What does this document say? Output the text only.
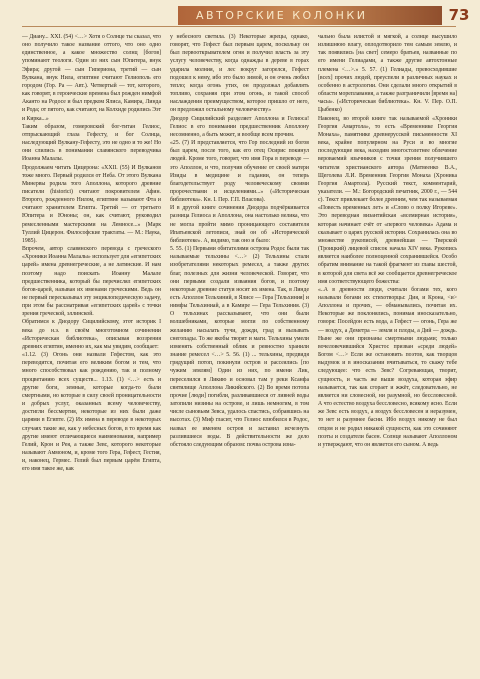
АВТОРСКИЕ КОЛОНКИ	73

— Диану... XXI. (54) <…> Хотя о Солнце ты сказал, что оно получило такое название оттого, что оно одно единственное, а какое множество солнц [богов] упоминают теологи. Один из них сын Юпитера, внук Эфира; другой — сын Гипериона, третий — сын Вулкана, внук Нила, египтяне считают Гелиополь его городом (Гор. Ра — Авт.). Четвертый — тот, которого, как говорят, в героические времена был рожден нимфой Аканто на Родосе и был предком Ялиса, Камира, Линда и Рода; от пятого, как считают, на Колхиде родились Ээт и Кирка...»

Таким образом, гомеровский бог-титан Гелиос, отпрыскающий глаза Гефесту, и бог Солнца, наследующий Вулкану-Гефесту, это не одно и то же! Но они слились в понимании славянского переводчика Иоанна Малалы.

Продолжаем читать Цицерона: «XXII. (55) И Вулканов тоже много. Первый родился от Неба. От этого Вулкана Минервы родила того Аполлона, которого древние писатели (historici) считают покровителем Афин. Второго, рожденного Нилом, египтяне называют Фта и считают хранителем Египта. Третий — от третьего Юпитера и Юноны; он, как считают, руководил ремесленными мастерскими на Лемносе...» (Марк Туллий Цицерон. Философские трактаты. — М.: Наука, 1985).

Впрочем, автор славянского перевода с греческого «Хроники Иоанна Малалы» использует для «египетских царей» имена древнегреческие, а не латинские. И нам поэтому надо поискать Иоанну Малале предшественника, который бы перечислял египетских богов-царей, называя их именами греческими. Ведь он не первый пересказывал эту энциклопедическую задачу, при этом бы рассматривая «египетских царей» с точки зрения греческой, эллинской.

Обратимся к Диодору Сицилийскому, этот историк I века до н.э. в своём многотомном сочинении «Историческая библиотека», описывая воззрения древних египтян, именно их, как мы увидим, сообщает:

«1.12. (3) Огонь они назвали Гефестом, как это переводится, почитая его великим богом и тем, что много способствовал как рождению, так и полному процветанию всех существ... 1.13. (1) <…> есть и другие боги, земные, которые когда-то были смертными, но которые в силу своей проницательности и добрых услуг, оказанных всему человечеству, достигли бессмертия, некоторые из них были даже царями в Египте. (2) Их имена в переводе в некоторых случаях такие же, как у небесных богов, в то время как другие имеют отличающиеся наименования, например Гелий, Крон и Рея, а также Зевс, которого некоторые называют Аммоном, и, кроме того Гера, Гефест, Гестия, и, наконец, Гермес. Гелий был первым царём Египта, его имя такое же, как

у небесного светила. (3) Некоторые жрецы, однако, говорят, что Гефест был первым царем, поскольку он был первооткрывателем огня и получил власть за эту услугу человечеству, когда однажды в дереве в горах ударила молния, и лес вокруг загорелся, Гефест подошел к нему, ибо это было зимой, и он очень любил тепло; когда огонь утих, он продолжал добавлять топливо, сохраняя при этом огонь, и такой способ наслаждения преимуществом, которое пришло от него, он предложил остальному человечеству»

Диодор Сицилийский разделяет Аполлона и Гелиоса! Гелиос в его понимании предшественник Аполлону несомненно, а быть может, и вообще всем прочим.

«25. (7) И представляется, что Гор последний из богов был царем, после того, как его отец Осирис покинул людей. Кроме того, говорят, что имя Гора в переводе — это Аполлон, и что, получив обучение от своей матери Изиды в медицине и гадании, он теперь благодетельствует роду человеческому своими пророчествами и исцелениями...» («Историческая библиотека». Кн. I. Пер. Г.П. Власова).

И в другой книге сочинения Диодора подчёркивается разница Гелиоса и Аполлона, она настолько велика, что не могла пройти мимо проницающего составителя Ипатьевской летописи, знай он об «Исторической библиотеке». А, видимо, так оно и было:

5. 55. (1) Первыми обитателями острова Родос были так называемые тельхины <…> (2) Тельхины стали изобретателями некоторых ремесел, а также других благ, полезных для жизни человеческой. Говорят, что они первыми создали изваяния богов, и поэтому некоторые древние статуи носят их имена. Так, в Линде есть Аполлон Тельхиний, в Ялисе — Гера [Тельхиния] и нимфы Тельхиниай, а в Камире — Гера Тельхиния. (3) О тельхинах рассказывают, что они были волшебниками, которые могли по собственному желанию насылать тучи, дожди, град и вызывать снегопады. То же якобы творят и маги. Тельхины умели изменять собственный облик и ревностно хранили знание ремесел <…> 5. 56. (1) ... тельхины, предвидя грядущий потоп, покинули остров и рассеялись [по чужим землям] Один из них, по имени Лик, переселился в Ликию и основал там у реки Ксанфа святилище Аполлона Ликийского. (2) Во время потопа прочие [люди] погибли, разливавшиеся от ливней воды затопили низины на острове, и лишь немногим, в том числе сыновьям Зевса, удалось спастись, собравшись на высотах. (3) Миф гласит, что Гелиос влюбился в Родос, назвал ее именем остров и заставил исчезнуть разлившиеся воды. В действительности же дело обстояло следующим образом: почва острова изна-

чально была илистой и мягкой, а солнце высушило излишнюю влагу, оплодотворило тем самым землю, и так появились [на свет] семеро братьев, названные по его имени Гелиадами, а также другие автохтонные племена <…>.» 5. 57. (1) Гелиады, превосходившие [всех] прочих людей, преуспели в различных науках и особенно в астрологии. Они сделали много открытий в области мореплавания, а также разграничили [время на] часы». («Историческая библиотека». Кн. V. Пер. О.П. Цыбенко)

Наконец, во второй книге так называемой «Хроники Георгия Амартола», то есть «Временнике Георгия Монаха», памятнике древнерусской письменности XI века, крайне популярном на Руси и во многие последующие века, находим многостолетнее облечение вероваемий язычников с точки зрения получившего читателя христианского автора (Матвеенко В.А., Щеголева Л.И. Временник Георгия Монаха (Хроника Георгия Амартола). Русский текст, комментарий, указатели. — М.: Богородский печатник, 2000 г., — 544 с). Текст привлекает более древним, чем так называемая «Повесть временных лет» и «Слово о полку Игореве». Это переводная византийская «всемирная история», которая начинает счёт от «первого человека» Адама и сказывает о царях русской истории. Сохранилась она во множестве рукописей, древнейшая — Тверской (Троицкий) лицевой список начала XIV века. Рукопись является наиболее полноценной сохранившейся. Особо обратим внимание на такой фрагмент из главы шестой, в которой для света всё же сообщается древнегреческое имя соответствующего божества:

«..А в древности люди, считали богами тех, кого называли богами их стихотворцы: Дия, и Крона, <и> Аполлона и прочих, — обманывались, почитая их. Некоторые же поклонялись, понимая иносказательно, говоря: Посейдон есть вода, а Гефест — огонь, Гера же — воздух, а Деметра — земля и плоды, а Дий — дождь. Ныне же они признаны смертными людьми; только вочеловечившийся Христос призван «среди людей» Богом <…> Если же остановить поэтов, как творцов выдумок и в иносказании вчитываться, то скажу тебе следующее: что есть Зевс? Согревающая, творит, сущность, и часть же выше воздуха, которая эфир называется, так как сгорает и жжёт, следовательно, не является ни словесной, ни разумной, но бессловесной. А что естество воздуха бессловесно, всякому ясно. Если же Зевс есть воздух, а воздух бессловесен и неразумен, то нет и разумнее басни. Ибо воздух никому не был отцом и не родил никакой сущности, как это сочиняют поэты и создатели басен. Солнце называют Аполлоном и утверждают, что он является его сыном. А ведь
